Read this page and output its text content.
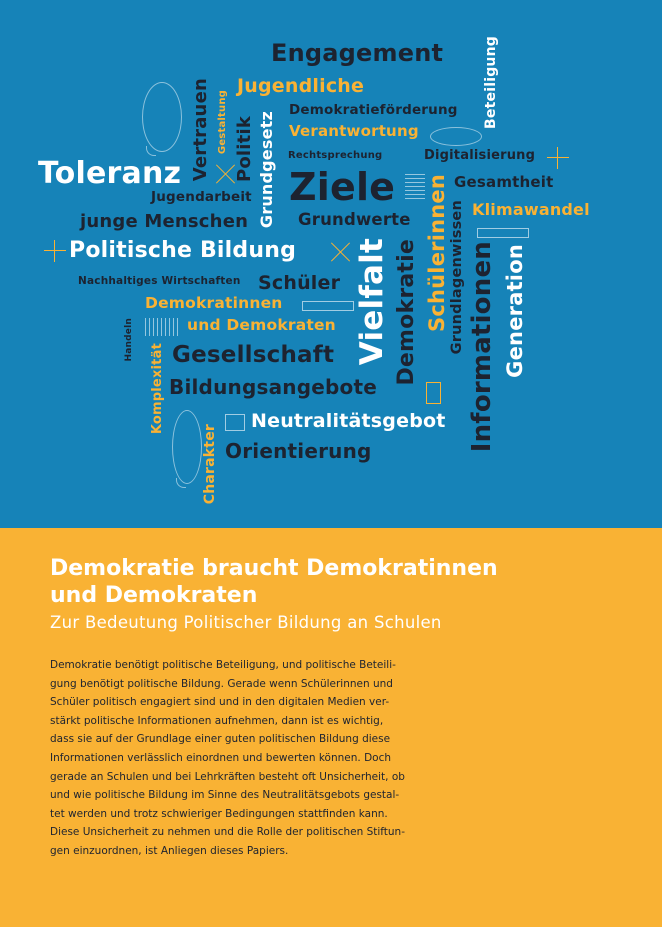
Engagement
Jugendliche
Demokratieförderung
Verantwortung
Rechtsprechung	Digitalisierung
Toleranz	Ziele	Gesamtheit
Jugendarbeit
Klimawandel
junge Menschen	Grundwerte
Politische Bildung
Nachhaltiges Wirtschaften Schüler
Demokratinnen
und Demokraten
Gesellschaft
Bildungsangebote
Neutralitätsgebot
Orientierung
Beteiligung
Gestaltung
Vertrauen Politik Grundgesetz
Vielfalt Demokratie Schülerinnen Grundlagenwissen Informationen Generation
Handeln
Komplexität
Charakter
Demokratie braucht Demokratinnen
und Demokraten

Zur Bedeutung Politischer Bildung an Schulen

Demokratie benötigt politische Beteiligung, und politische Beteili-
gung benötigt politische Bildung. Gerade wenn Schülerinnen und
Schüler politisch engagiert sind und in den digitalen Medien ver-
stärkt politische Informationen aufnehmen, dann ist es wichtig,
dass sie auf der Grundlage einer guten politischen Bildung diese
Informationen verlässlich einordnen und bewerten können. Doch
gerade an Schulen und bei Lehrkräften besteht oft Unsicherheit, ob
und wie politische Bildung im Sinne des Neutralitätsgebots gestal-
tet werden und trotz schwieriger Bedingungen stattfinden kann.
Diese Unsicherheit zu nehmen und die Rolle der politischen Stiftun-
gen einzuordnen, ist Anliegen dieses Papiers.
